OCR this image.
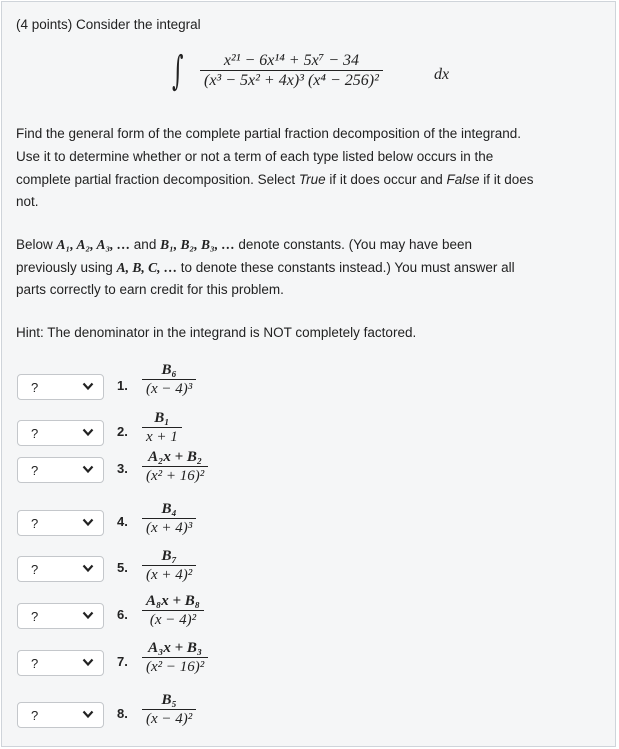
(4 points) Consider the integral
∫ $\frac{\text{x²¹ − 6x¹⁴ + 5x⁷ − 34}}{\text{(x³ − 5x² + 4x)³ (x⁴ − 256)²}}$	dx
Find the general form of the complete partial fraction decomposition of the integrand.
Use it to determine whether or not a term of each type listed below occurs in the
complete partial fraction decomposition. Select True if it does occur and False if it does
not.
Below A₁, A₂, A₃, … and B₁, B₂, B₃, … denote constants. (You may have been
previously using A, B, C, … to denote these constants instead.) You must answer all
parts correctly to earn credit for this problem.
Hint: The denominator in the integrand is NOT completely factored.
?	1. $\frac{\text{B₆}}{\text{(x − 4)³}}$
?	2. $\frac{\text{B₁}}{x + 1}$
?	3. $\frac{\text{A₂x + B₂}}{\text{(x² + 16)²}}$
?	4. $\frac{\text{B₄}}{\text{(x + 4)³}}$
?	5. $\frac{\text{B₇}}{\text{(x + 4)²}}$
?	6. $\frac{\text{A₈x + B₈}}{\text{(x − 4)²}}$
?	7. $\frac{\text{A₃x + B₃}}{\text{(x² − 16)²}}$
?	8. $\frac{\text{B₅}}{\text{(x − 4)²}}$
